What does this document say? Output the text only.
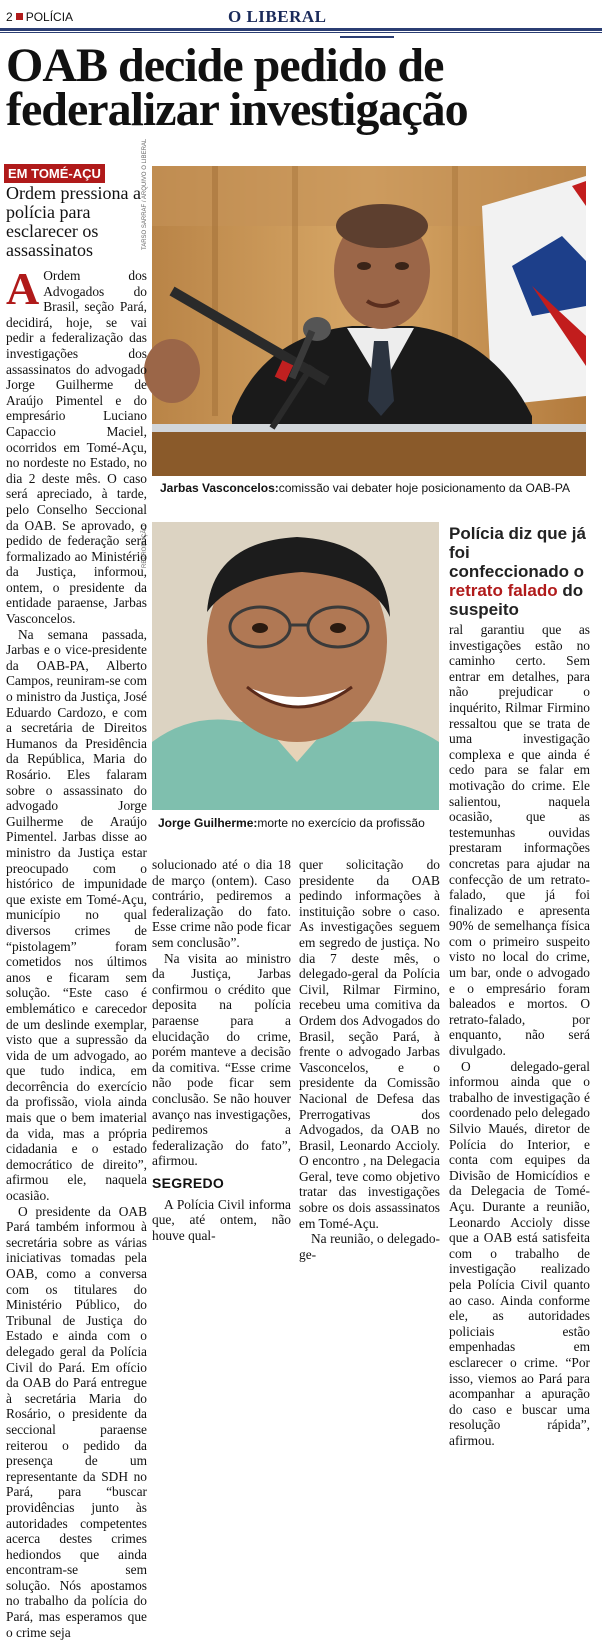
2 POLÍCIA	O LIBERAL
OAB decide pedido de federalizar investigação
EM TOMÉ-AÇU
Ordem pressiona a polícia para esclarecer os assassinatos	TARSO SARRAF / ARQUIVO O LIBERAL
Jarbas Vasconcelos: comissão vai debater hoje posicionamento da OAB-PA
REPRODUÇÃO
Jorge Guilherme: morte no exercício da profissão
Polícia diz que já foi confeccionado o retrato falado do suspeito

A Ordem dos Advogados do Brasil, seção Pará, decidirá, hoje, se vai pedir a federalização das investigações dos assassinatos do advogado Jorge Guilherme de Araújo Pimentel e do empresário Luciano Capaccio Maciel, ocorridos em Tomé-Açu, no nordeste no Estado, no dia 2 deste mês. O caso será apreciado, à tarde, pelo Conselho Seccional da OAB. Se aprovado, o pedido de federação será formalizado ao Ministério da Justiça, informou, ontem, o presidente da entidade paraense, Jarbas Vasconcelos.

Na semana passada, Jarbas e o vice-presidente da OAB-PA, Alberto Campos, reuniram-se com o ministro da Justiça, José Eduardo Cardozo, e com a secretária de Direitos Humanos da Presidência da República, Maria do Rosário. Eles falaram sobre o assassinato do advogado Jorge Guilherme de Araújo Pimentel. Jarbas disse ao ministro da Justiça estar preocupado com o histórico de impunidade que existe em Tomé-Açu, município no qual diversos crimes de “pistolagem” foram cometidos nos últimos anos e ficaram sem solução. “Este caso é emblemático e carecedor de um deslinde exemplar, visto que a supressão da vida de um advogado, ao que tudo indica, em decorrência do exercício da profissão, viola ainda mais que o bem imaterial da vida, mas a própria cidadania e o estado democrático de direito”, afirmou ele, naquela ocasião.

O presidente da OAB Pará também informou à secretária sobre as várias iniciativas tomadas pela OAB, como a conversa com os titulares do Ministério Público, do Tribunal de Justiça do Estado e ainda com o delegado geral da Polícia Civil do Pará. Em ofício da OAB do Pará entregue à secretária Maria do Rosário, o presidente da seccional paraense reiterou o pedido da presença de um representante da SDH no Pará, para “buscar providências junto às autoridades competentes acerca destes crimes hediondos que ainda encontram-se sem solução. Nós apostamos no trabalho da polícia do Pará, mas esperamos que o crime seja

solucionado até o dia 18 de março (ontem). Caso contrário, pediremos a federalização do fato. Esse crime não pode ficar sem conclusão”.

Na visita ao ministro da Justiça, Jarbas confirmou o crédito que deposita na polícia paraense para a elucidação do crime, porém manteve a decisão da comitiva. “Esse crime não pode ficar sem conclusão. Se não houver avanço nas investigações, pediremos a federalização do fato”, afirmou.

SEGREDO

A Polícia Civil informa que, até ontem, não houve qual-

quer solicitação do presidente da OAB pedindo informações à instituição sobre o caso. As investigações seguem em segredo de justiça. No dia 7 deste mês, o delegado-geral da Polícia Civil, Rilmar Firmino, recebeu uma comitiva da Ordem dos Advogados do Brasil, seção Pará, à frente o advogado Jarbas Vasconcelos, e o presidente da Comissão Nacional de Defesa das Prerrogativas dos Advogados, da OAB no Brasil, Leonardo Accioly. O encontro , na Delegacia Geral, teve como objetivo tratar das investigações sobre os dois assassinatos em Tomé-Açu.

Na reunião, o delegado-ge-

ral garantiu que as investigações estão no caminho certo. Sem entrar em detalhes, para não prejudicar o inquérito, Rilmar Firmino ressaltou que se trata de uma investigação complexa e que ainda é cedo para se falar em motivação do crime. Ele salientou, naquela ocasião, que as testemunhas ouvidas prestaram informações concretas para ajudar na confecção de um retrato-falado, que já foi finalizado e apresenta 90% de semelhança física com o primeiro suspeito visto no local do crime, um bar, onde o advogado e o empresário foram baleados e mortos. O retrato-falado, por enquanto, não será divulgado.

O delegado-geral informou ainda que o trabalho de investigação é coordenado pelo delegado Silvio Maués, diretor de Polícia do Interior, e conta com equipes da Divisão de Homicídios e da Delegacia de Tomé-Açu. Durante a reunião, Leonardo Accioly disse que a OAB está satisfeita com o trabalho de investigação realizado pela Polícia Civil quanto ao caso. Ainda conforme ele, as autoridades policiais estão empenhadas em esclarecer o crime. “Por isso, viemos ao Pará para acompanhar a apuração do caso e buscar uma resolução rápida”, afirmou.
